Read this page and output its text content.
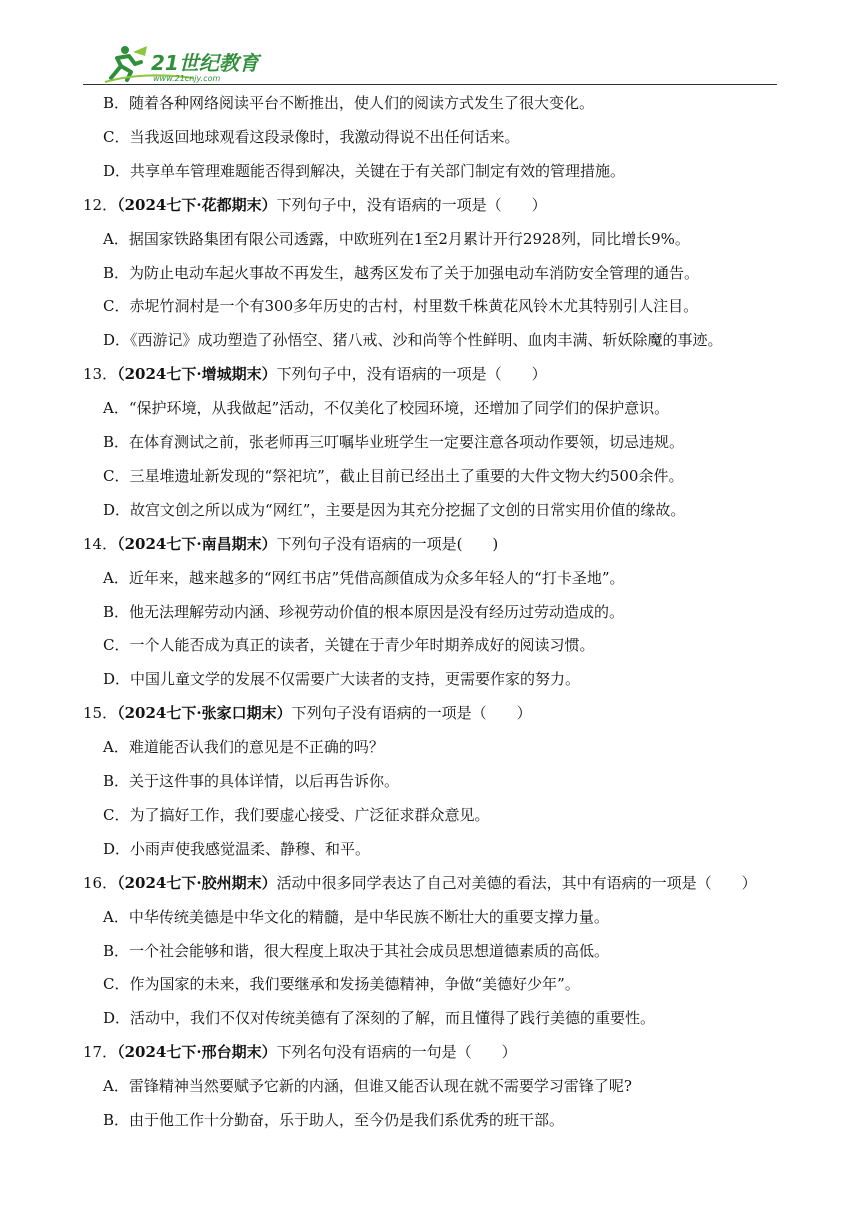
21世纪教育
www.21cnjy.com
B．随着各种网络阅读平台不断推出，使人们的阅读方式发生了很大变化。
C．当我返回地球观看这段录像时，我激动得说不出任何话来。
D．共享单车管理难题能否得到解决，关键在于有关部门制定有效的管理措施。
12．（2024七下·花都期末）下列句子中，没有语病的一项是（　　）
A．据国家铁路集团有限公司透露，中欧班列在1至2月累计开行2928列，同比增长9%。
B．为防止电动车起火事故不再发生，越秀区发布了关于加强电动车消防安全管理的通告。
C．赤坭竹洞村是一个有300多年历史的古村，村里数千株黄花风铃木尤其特别引人注目。
D．《西游记》成功塑造了孙悟空、猪八戒、沙和尚等个性鲜明、血肉丰满、斩妖除魔的事迹。
13．（2024七下·增城期末）下列句子中，没有语病的一项是（　　）
A．“保护环境，从我做起”活动，不仅美化了校园环境，还增加了同学们的保护意识。
B．在体育测试之前，张老师再三叮嘱毕业班学生一定要注意各项动作要领，切忌违规。
C．三星堆遗址新发现的“祭祀坑”，截止目前已经出土了重要的大件文物大约500余件。
D．故宫文创之所以成为“网红”，主要是因为其充分挖掘了文创的日常实用价值的缘故。
14．（2024七下·南昌期末）下列句子没有语病的一项是(　　)
A．近年来，越来越多的“网红书店”凭借高颜值成为众多年轻人的“打卡圣地”。
B．他无法理解劳动内涵、珍视劳动价值的根本原因是没有经历过劳动造成的。
C．一个人能否成为真正的读者，关键在于青少年时期养成好的阅读习惯。
D．中国儿童文学的发展不仅需要广大读者的支持，更需要作家的努力。
15．（2024七下·张家口期末）下列句子没有语病的一项是（　　）
A．难道能否认我们的意见是不正确的吗？
B．关于这件事的具体详情，以后再告诉你。
C．为了搞好工作，我们要虚心接受、广泛征求群众意见。
D．小雨声使我感觉温柔、静穆、和平。
16．（2024七下·胶州期末）活动中很多同学表达了自己对美德的看法，其中有语病的一项是（　　）
A．中华传统美德是中华文化的精髓，是中华民族不断壮大的重要支撑力量。
B．一个社会能够和谐，很大程度上取决于其社会成员思想道德素质的高低。
C．作为国家的未来，我们要继承和发扬美德精神，争做“美德好少年”。
D．活动中，我们不仅对传统美德有了深刻的了解，而且懂得了践行美德的重要性。
17．（2024七下·邢台期末）下列名句没有语病的一句是（　　）
A．雷锋精神当然要赋予它新的内涵，但谁又能否认现在就不需要学习雷锋了呢?
B．由于他工作十分勤奋，乐于助人，至今仍是我们系优秀的班干部。
